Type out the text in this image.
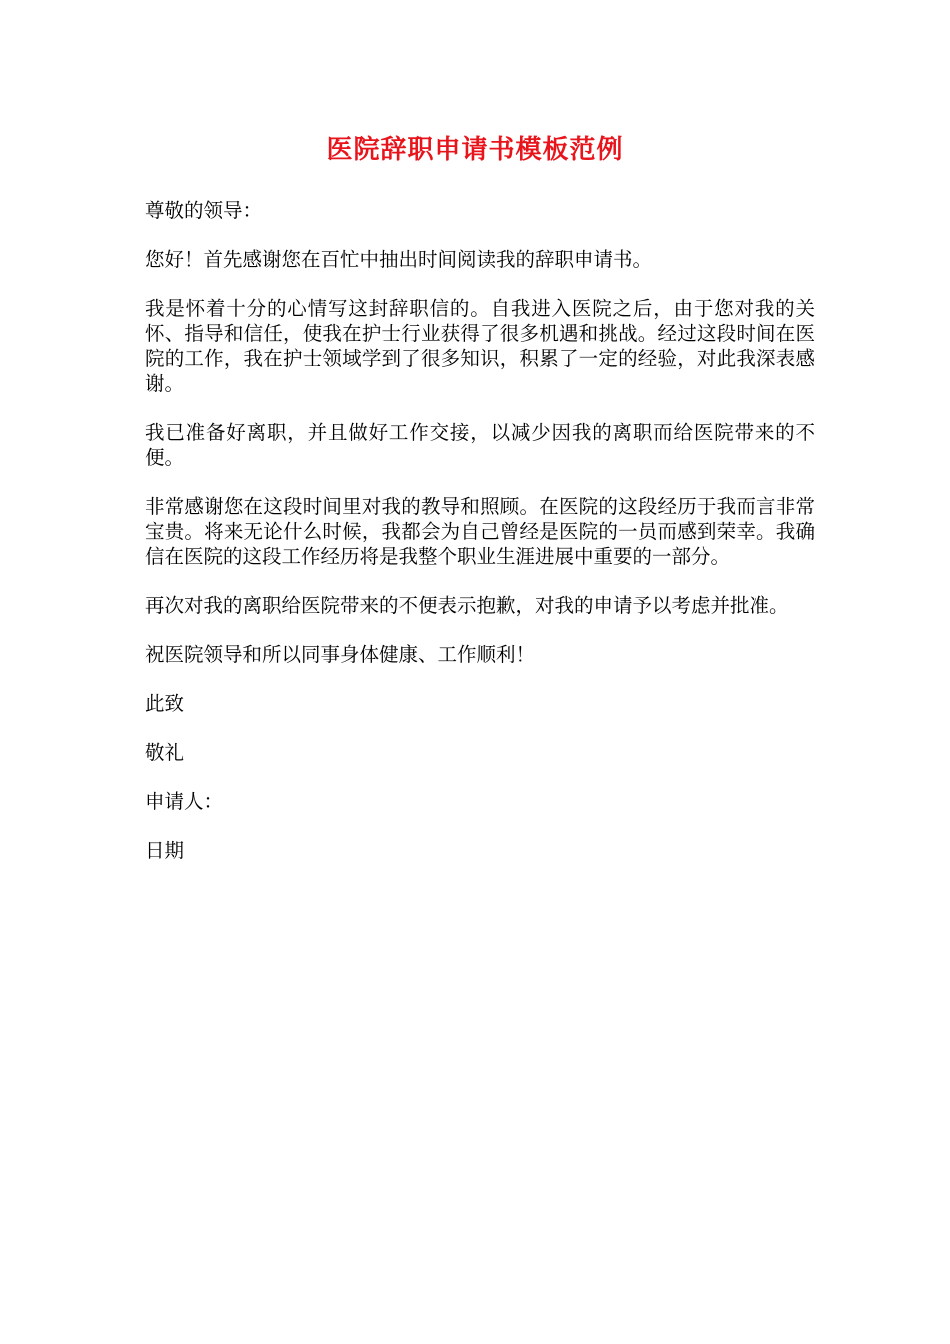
医院辞职申请书模板范例

尊敬的领导：

您好！首先感谢您在百忙中抽出时间阅读我的辞职申请书。

我是怀着十分的心情写这封辞职信的。自我进入医院之后，由于您对我的关怀、指导和信任，使我在护士行业获得了很多机遇和挑战。经过这段时间在医院的工作，我在护士领域学到了很多知识，积累了一定的经验，对此我深表感谢。

我已准备好离职，并且做好工作交接，以减少因我的离职而给医院带来的不便。

非常感谢您在这段时间里对我的教导和照顾。在医院的这段经历于我而言非常宝贵。将来无论什么时候，我都会为自己曾经是医院的一员而感到荣幸。我确信在医院的这段工作经历将是我整个职业生涯进展中重要的一部分。

再次对我的离职给医院带来的不便表示抱歉，对我的申请予以考虑并批准。

祝医院领导和所以同事身体健康、工作顺利！

此致

敬礼

申请人：

日期
